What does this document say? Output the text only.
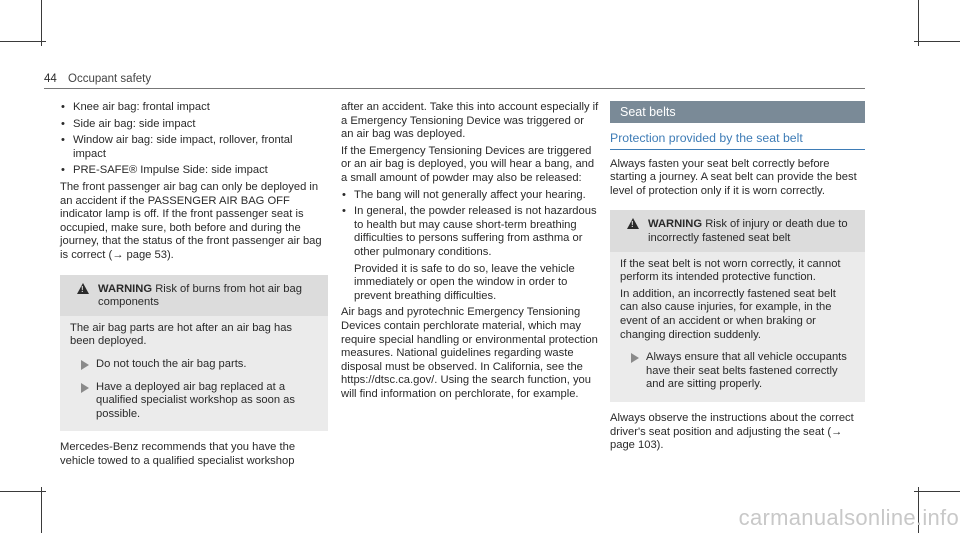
44 Occupant safety
• Knee air bag: frontal impact
• Side air bag: side impact
• Window air bag: side impact, rollover, frontal impact
• PRE-SAFE® Impulse Side: side impact

The front passenger air bag can only be deployed in an accident if the PASSENGER AIR BAG OFF indicator lamp is off. If the front passenger seat is occupied, make sure, both before and during the journey, that the status of the front passenger air bag is correct (→ page 53).

! WARNING Risk of burns from hot air bag components

The air bag parts are hot after an air bag has been deployed.

Do not touch the air bag parts.
Have a deployed air bag replaced at a qualified specialist workshop as soon as possible.

Mercedes-Benz recommends that you have the vehicle towed to a qualified specialist workshop

after an accident. Take this into account especially if a Emergency Tensioning Device was triggered or an air bag was deployed.

If the Emergency Tensioning Devices are triggered or an air bag is deployed, you will hear a bang, and a small amount of powder may also be released:

• The bang will not generally affect your hearing.
• In general, the powder released is not hazardous to health but may cause short-term breathing difficulties to persons suffering from asthma or other pulmonary conditions.

Provided it is safe to do so, leave the vehicle immediately or open the window in order to prevent breathing difficulties.

Air bags and pyrotechnic Emergency Tensioning Devices contain perchlorate material, which may require special handling or environmental protection measures. National guidelines regarding waste disposal must be observed. In California, see the https://dtsc.ca.gov/. Using the search function, you will find information on perchlorate, for example.

Seat belts
Protection provided by the seat belt

Always fasten your seat belt correctly before starting a journey. A seat belt can provide the best level of protection only if it is worn correctly.

! WARNING Risk of injury or death due to incorrectly fastened seat belt

If the seat belt is not worn correctly, it cannot perform its intended protective function.

In addition, an incorrectly fastened seat belt can also cause injuries, for example, in the event of an accident or when braking or changing direction suddenly.

Always ensure that all vehicle occupants have their seat belts fastened correctly and are sitting properly.

Always observe the instructions about the correct driver's seat position and adjusting the seat (→ page 103).

carmanualsonline.info
